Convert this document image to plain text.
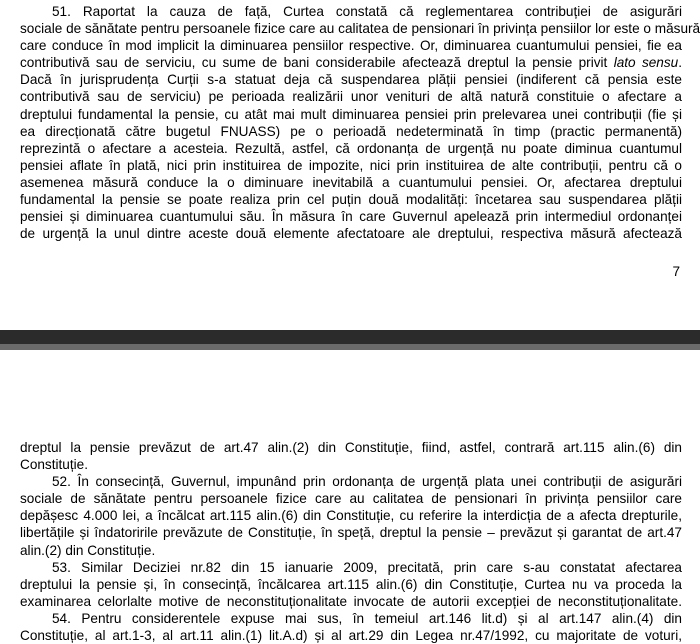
51. Raportat la cauza de față, Curtea constată că reglementarea contribuției de asigurări
sociale de sănătate pentru persoanele fizice care au calitatea de pensionari în privința pensiilor lor este o măsură
care conduce în mod implicit la diminuarea pensiilor respective. Or, diminuarea cuantumului pensiei, fie ea
contributivă sau de serviciu, cu sume de bani considerabile afectează dreptul la pensie privit lato sensu.
Dacă în jurisprudența Curții s-a statuat deja că suspendarea plății pensiei (indiferent că pensia este
contributivă sau de serviciu) pe perioada realizării unor venituri de altă natură constituie o afectare a
dreptului fundamental la pensie, cu atât mai mult diminuarea pensiei prin prelevarea unei contribuții (fie și
ea direcționată către bugetul FNUASS) pe o perioadă nedeterminată în timp (practic permanentă)
reprezintă o afectare a acesteia. Rezultă, astfel, că ordonanța de urgență nu poate diminua cuantumul
pensiei aflate în plată, nici prin instituirea de impozite, nici prin instituirea de alte contribuții, pentru că o
asemenea măsură conduce la o diminuare inevitabilă a cuantumului pensiei. Or, afectarea dreptului
fundamental la pensie se poate realiza prin cel puțin două modalități: încetarea sau suspendarea plății
pensiei și diminuarea cuantumului său. În măsura în care Guvernul apelează prin intermediul ordonanței
de urgență la unul dintre aceste două elemente afectatoare ale dreptului, respectiva măsură afectează

7

dreptul la pensie prevăzut de art.47 alin.(2) din Constituție, fiind, astfel, contrară art.115 alin.(6) din
Constituție.
52. În consecință, Guvernul, impunând prin ordonanța de urgență plata unei contribuții de asigurări
sociale de sănătate pentru persoanele fizice care au calitatea de pensionari în privința pensiilor care
depășesc 4.000 lei, a încălcat art.115 alin.(6) din Constituție, cu referire la interdicția de a afecta drepturile,
libertățile și îndatoririle prevăzute de Constituție, în speță, dreptul la pensie – prevăzut și garantat de art.47
alin.(2) din Constituție.
53. Similar Deciziei nr.82 din 15 ianuarie 2009, precitată, prin care s-au constatat afectarea
dreptului la pensie și, în consecință, încălcarea art.115 alin.(6) din Constituție, Curtea nu va proceda la
examinarea celorlalte motive de neconstituționalitate invocate de autorii excepției de neconstituționalitate.
54. Pentru considerentele expuse mai sus, în temeiul art.146 lit.d) și al art.147 alin.(4) din
Constituție, al art.1-3, al art.11 alin.(1) lit.A.d) și al art.29 din Legea nr.47/1992, cu majoritate de voturi,
